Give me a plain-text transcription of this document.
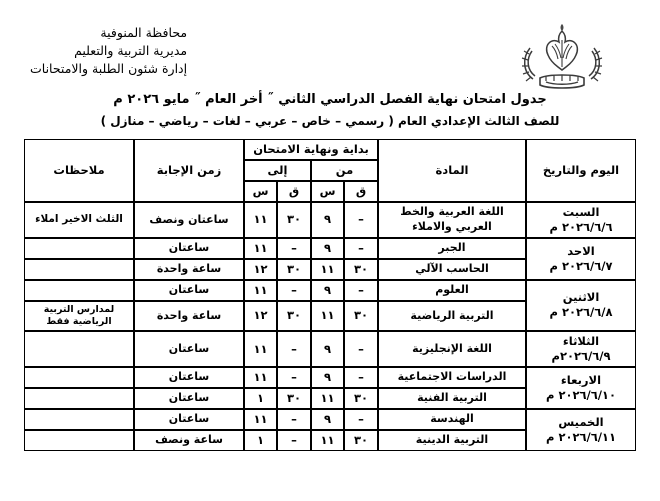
محافظة المنوفية
مديرية التربية والتعليم
إدارة شئون الطلبة والامتحانات
جدول امتحان نهاية الفصل الدراسي الثاني ˝ أخر العام ˝ مايو ٢٠٢٦ م
للصف الثالث الإعدادي العام ( رسمي – خاص – عربي – لغات – رياضي – منازل )
اليوم والتاريخ	المادة	بداية ونهاية الامتحان				زمن الإجابة	ملاحظات
		من		إلى			
		ق	س	ق	س		

السبت
٢٠٢٦/٦/٦ م	اللغة العربية والخط العربي والاملاء	–	٩	٣٠	١١	ساعتان ونصف	الثلث الاخير املاء

الاحد
٢٠٢٦/٦/٧ م	الجبر	–	٩	–	١١	ساعتان	
	الحاسب الآلي	٣٠	١١	٣٠	١٢	ساعة واحدة	

الاثنين
٢٠٢٦/٦/٨ م	العلوم	–	٩	–	١١	ساعتان	
	التربية الرياضية	٣٠	١١	٣٠	١٢	ساعة واحدة	لمدارس التربية الرياضية فقط

الثلاثاء
٢٠٢٦/٦/٩م	اللغة الإنجليزية	–	٩	–	١١	ساعتان	

الاربعاء
٢٠٢٦/٦/١٠ م	الدراسات الاجتماعية	–	٩	–	١١	ساعتان	
	التربية الفنية	٣٠	١١	٣٠	١	ساعتان	

الخميس
٢٠٢٦/٦/١١ م	الهندسة	–	٩	–	١١	ساعتان	
	التربية الدينية	٣٠	١١	–	١	ساعة ونصف	
